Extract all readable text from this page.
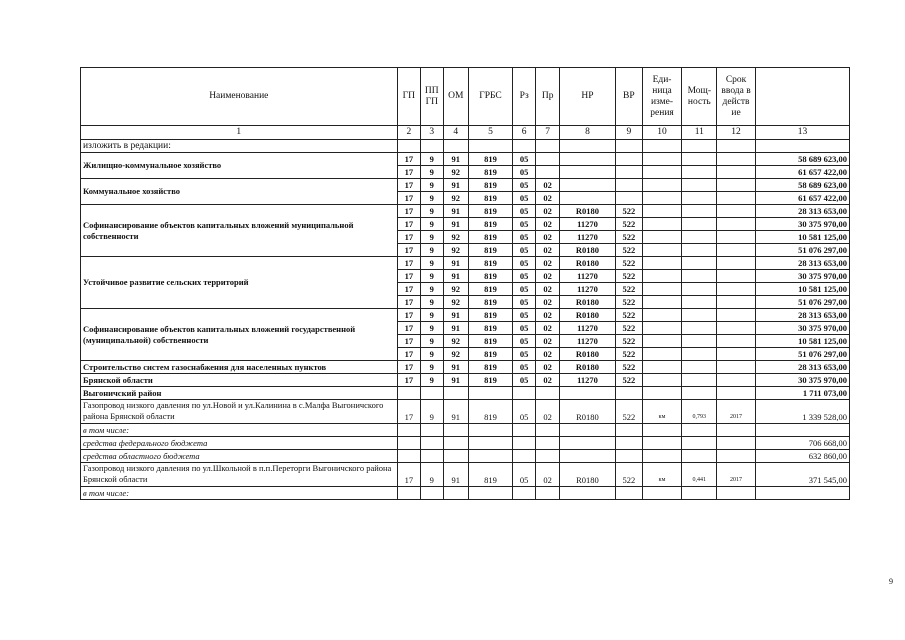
Наименование	ГП	ПП ГП	ОМ	ГРБС	Рз	Пр	НР	ВР	Еди-ница изме-рения	Мощ-ность	Срок ввода в действ ие	
1	2	3	4	5	6	7	8	9	10	11	12	13
изложить в редакции:												
Жилищно-коммунальное хозяйство	17	9	91	819	05							58 689 623,00
	17	9	92	819	05							61 657 422,00
Коммунальное хозяйство	17	9	91	819	05	02						58 689 623,00
	17	9	92	819	05	02						61 657 422,00
Софинансирование объектов капитальных вложений муниципальной собственности	17	9	91	819	05	02	R0180	522				28 313 653,00
	17	9	91	819	05	02	11270	522				30 375 970,00
	17	9	92	819	05	02	11270	522				10 581 125,00
	17	9	92	819	05	02	R0180	522				51 076 297,00
Устойчивое развитие сельских территорий	17	9	91	819	05	02	R0180	522				28 313 653,00
	17	9	91	819	05	02	11270	522				30 375 970,00
	17	9	92	819	05	02	11270	522				10 581 125,00
	17	9	92	819	05	02	R0180	522				51 076 297,00
Софинансирование объектов капитальных вложений государственной (муниципальной) собственности	17	9	91	819	05	02	R0180	522				28 313 653,00
	17	9	91	819	05	02	11270	522				30 375 970,00
	17	9	92	819	05	02	11270	522				10 581 125,00
	17	9	92	819	05	02	R0180	522				51 076 297,00
Строительство систем газоснабжения для населенных пунктов	17	9	91	819	05	02	R0180	522				28 313 653,00
Брянской области	17	9	91	819	05	02	11270	522				30 375 970,00
Выгоничский район												1 711 073,00
Газопровод низкого давления по ул.Новой и ул.Калинина в с.Малфа Выгоничского района Брянской области	17	9	91	819	05	02	R0180	522	км	0,793	2017	1 339 528,00
в том числе:												
средства федерального бюджета												706 668,00
средства областного бюджета												632 860,00
Газопровод низкого давления по ул.Школьной в п.п.Переторги Выгоничского района Брянской области	17	9	91	819	05	02	R0180	522	км	0,441	2017	371 545,00
в том числе:												
9
